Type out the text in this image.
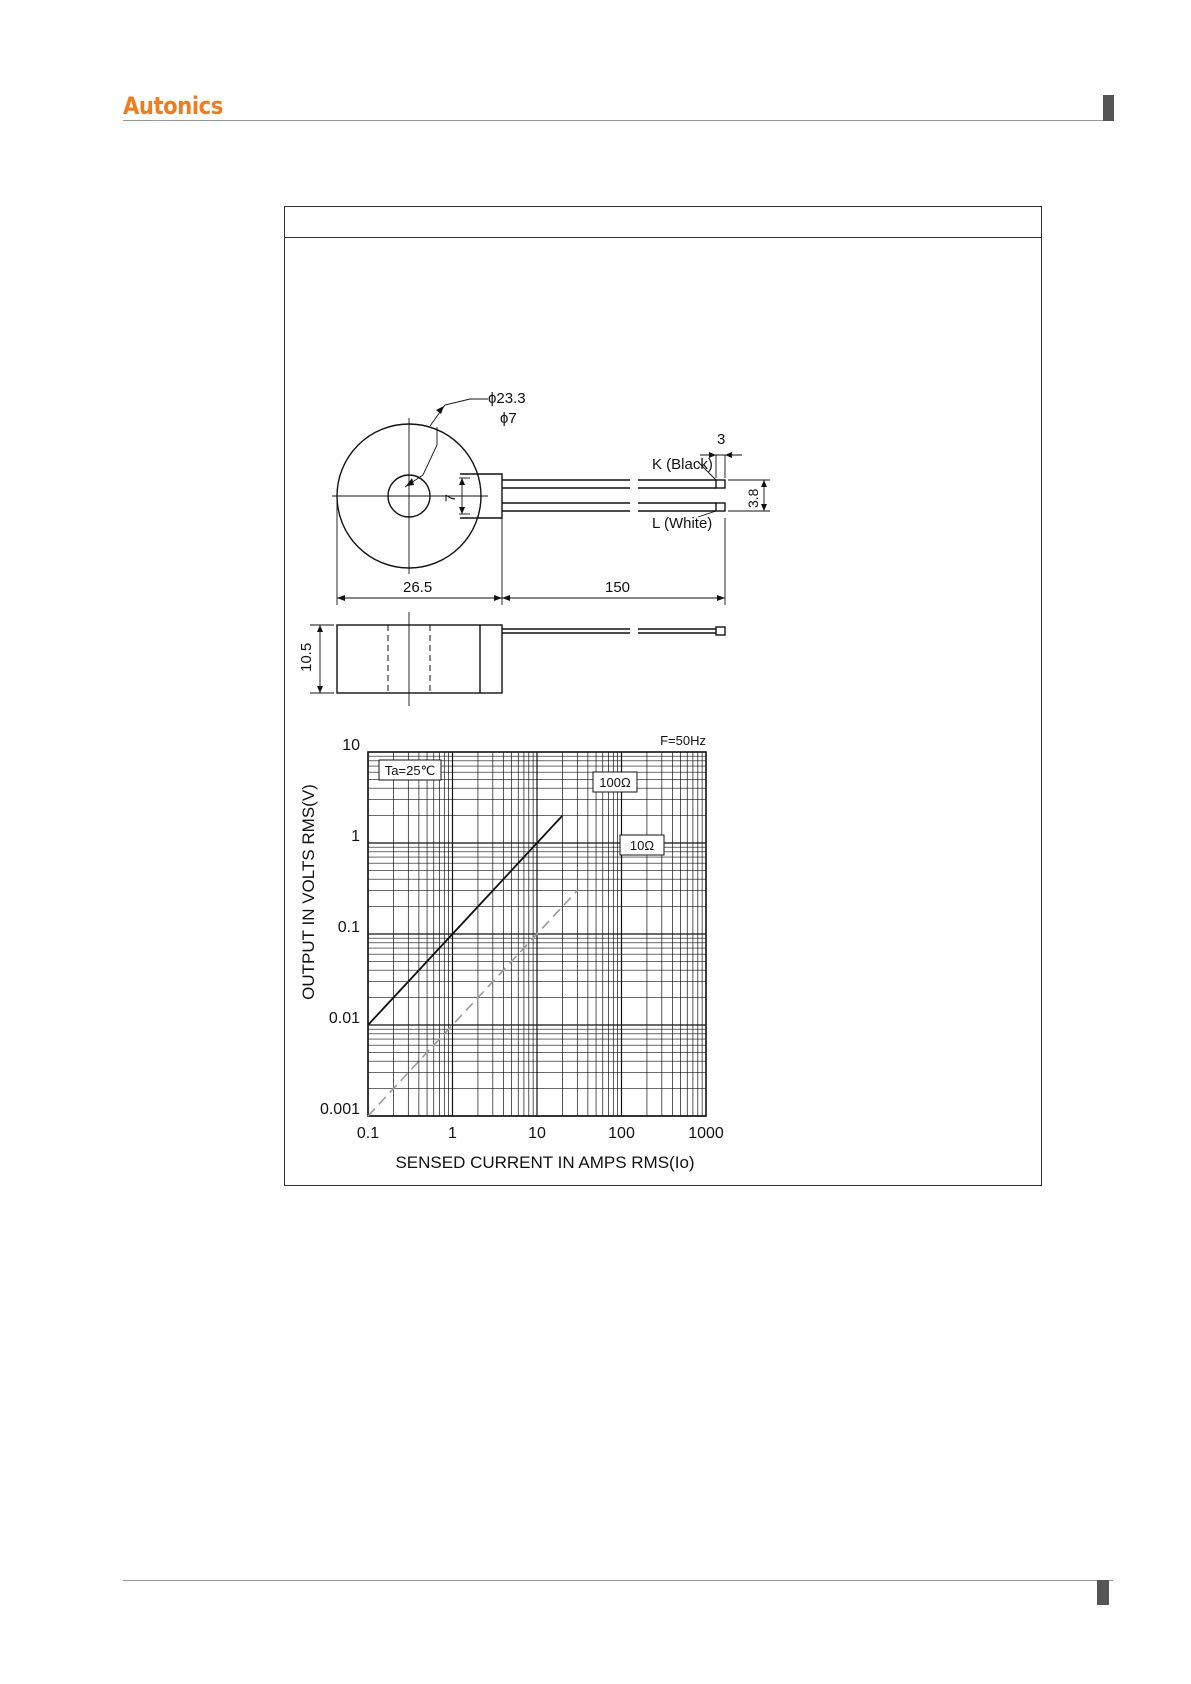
Autonics
ϕ23.3
ϕ7
3
K (Black)
L (White)
3.8
7
26.5	150
10.5
100Ω
10Ω
0.1	1	10	100	1000
10
1
0.1
0.01
0.001
F=50Hz
Ta=25℃
SENSED CURRENT IN AMPS RMS(Io)
OUTPUT IN VOLTS RMS(V)
